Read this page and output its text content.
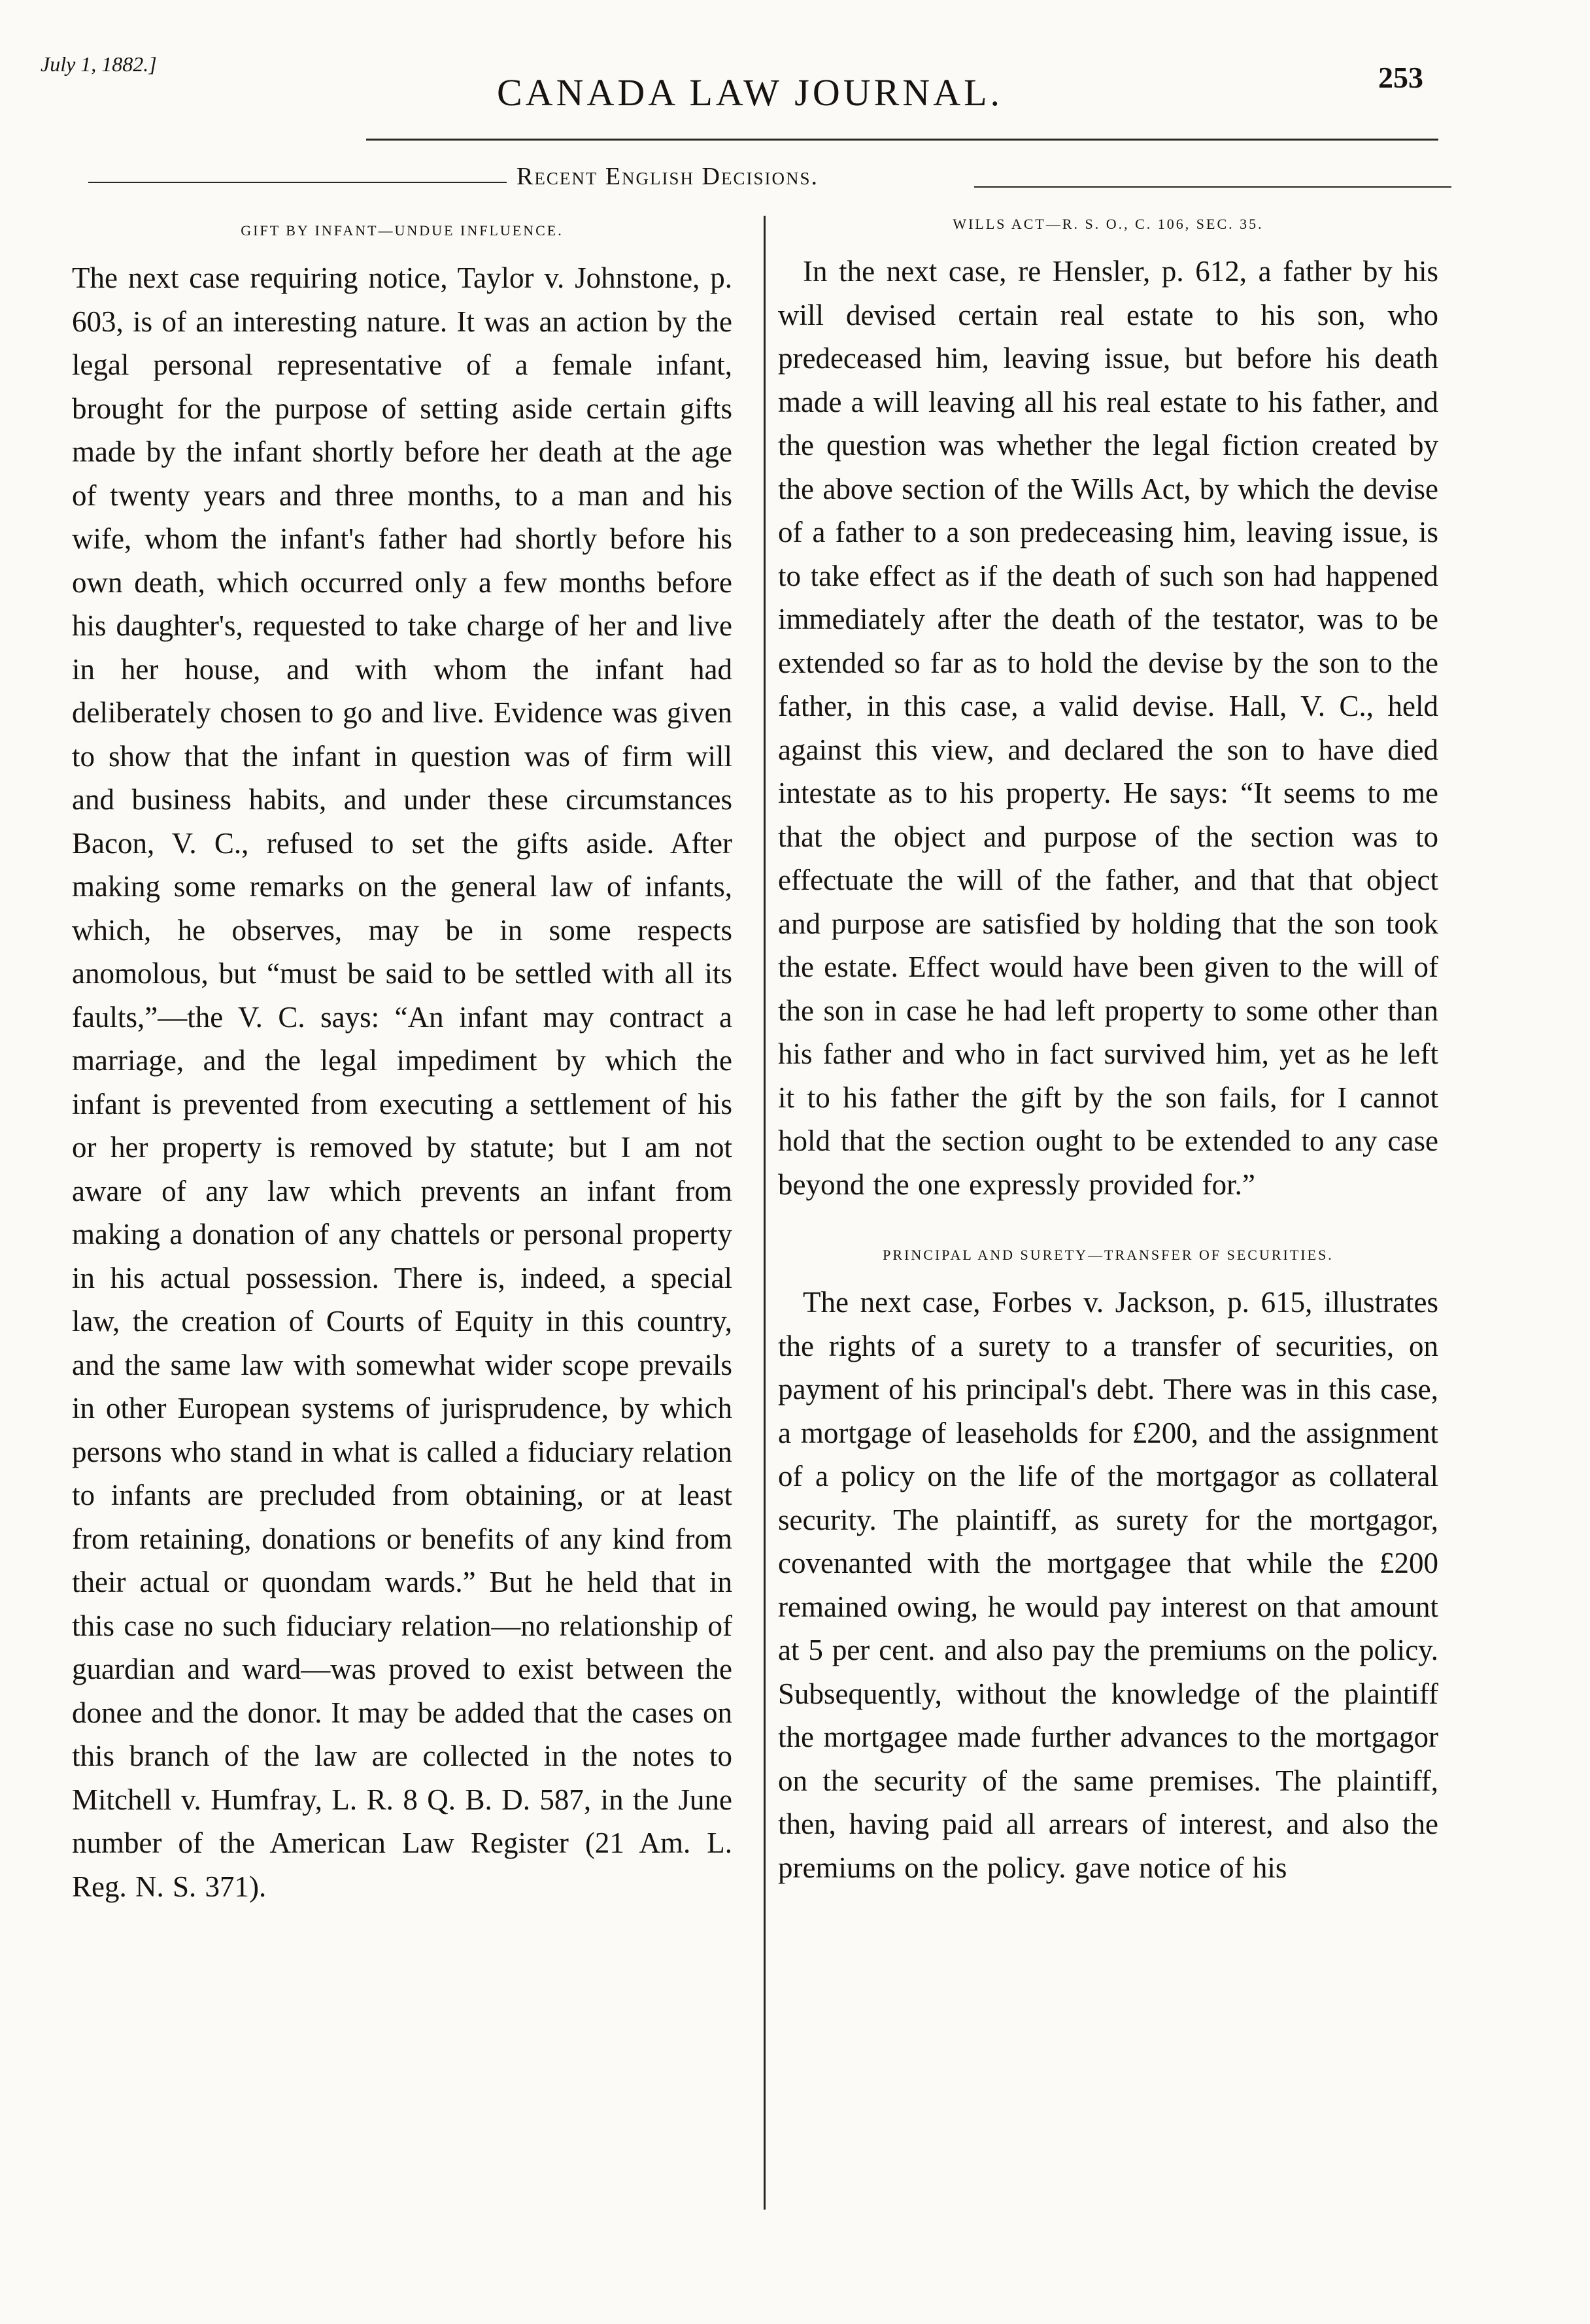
July 1, 1882.]
CANADA LAW JOURNAL.	253
Recent English Decisions.
GIFT BY INFANT—UNDUE INFLUENCE.

The next case requiring notice, Taylor v. Johnstone, p. 603, is of an interesting nature. It was an action by the legal personal representative of a female infant, brought for the purpose of setting aside certain gifts made by the infant shortly before her death at the age of twenty years and three months, to a man and his wife, whom the infant's father had shortly before his own death, which occurred only a few months before his daughter's, requested to take charge of her and live in her house, and with whom the infant had deliberately chosen to go and live. Evidence was given to show that the infant in question was of firm will and business habits, and under these circumstances Bacon, V. C., refused to set the gifts aside. After making some remarks on the general law of infants, which, he observes, may be in some respects anomolous, but “must be said to be settled with all its faults,”—the V. C. says: “An infant may contract a marriage, and the legal impediment by which the infant is prevented from executing a settlement of his or her property is removed by statute; but I am not aware of any law which prevents an infant from making a donation of any chattels or personal property in his actual possession. There is, indeed, a special law, the creation of Courts of Equity in this country, and the same law with somewhat wider scope prevails in other European systems of jurisprudence, by which persons who stand in what is called a fiduciary relation to infants are precluded from obtaining, or at least from retaining, donations or benefits of any kind from their actual or quondam wards.” But he held that in this case no such fiduciary relation—no relationship of guardian and ward—was proved to exist between the donee and the donor. It may be added that the cases on this branch of the law are collected in the notes to Mitchell v. Humfray, L. R. 8 Q. B. D. 587, in the June number of the American Law Register (21 Am. L. Reg. N. S. 371).

WILLS ACT—R. S. O., C. 106, SEC. 35.

In the next case, re Hensler, p. 612, a father by his will devised certain real estate to his son, who predeceased him, leaving issue, but before his death made a will leaving all his real estate to his father, and the question was whether the legal fiction created by the above section of the Wills Act, by which the devise of a father to a son predeceasing him, leaving issue, is to take effect as if the death of such son had happened immediately after the death of the testator, was to be extended so far as to hold the devise by the son to the father, in this case, a valid devise. Hall, V. C., held against this view, and declared the son to have died intestate as to his property. He says: “It seems to me that the object and purpose of the section was to effectuate the will of the father, and that that object and purpose are satisfied by holding that the son took the estate. Effect would have been given to the will of the son in case he had left property to some other than his father and who in fact survived him, yet as he left it to his father the gift by the son fails, for I cannot hold that the section ought to be extended to any case beyond the one expressly provided for.”

PRINCIPAL AND SURETY—TRANSFER OF SECURITIES.

The next case, Forbes v. Jackson, p. 615, illustrates the rights of a surety to a transfer of securities, on payment of his principal's debt. There was in this case, a mortgage of leaseholds for £200, and the assignment of a policy on the life of the mortgagor as collateral security. The plaintiff, as surety for the mortgagor, covenanted with the mortgagee that while the £200 remained owing, he would pay interest on that amount at 5 per cent. and also pay the premiums on the policy. Subsequently, without the knowledge of the plaintiff the mortgagee made further advances to the mortgagor on the security of the same premises. The plaintiff, then, having paid all arrears of interest, and also the premiums on the policy. gave notice of his
